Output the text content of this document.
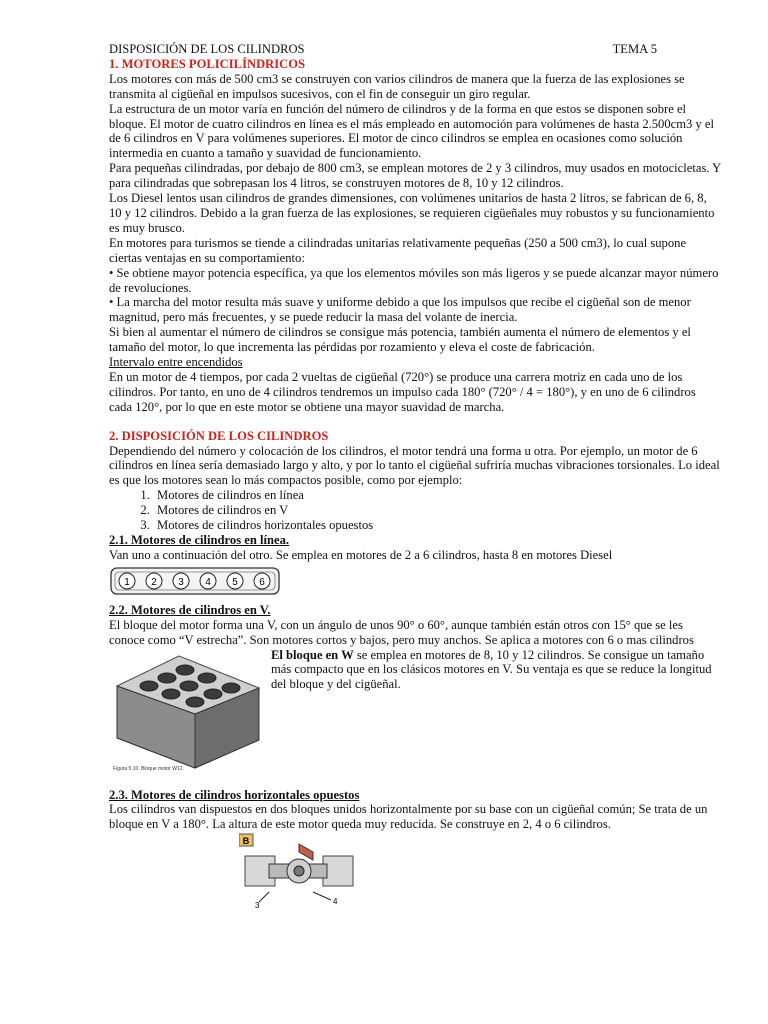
DISPOSICIÓN DE LOS CILINDROS	TEMA 5
1. MOTORES POLICILÍNDRICOS

Los motores con más de 500 cm3 se construyen con varios cilindros de manera que la fuerza de las explosiones se transmita al cigüeñal en impulsos sucesivos, con el fin de conseguir un giro regular.

La estructura de un motor varía en función del número de cilindros y de la forma en que estos se disponen sobre el bloque. El motor de cuatro cilindros en línea es el más empleado en automoción para volúmenes de hasta 2.500cm3 y el de 6 cilindros en V para volúmenes superiores. El motor de cinco cilindros se emplea en ocasiones como solución intermedia en cuanto a tamaño y suavidad de funcionamiento.

Para pequeñas cilindradas, por debajo de 800 cm3, se emplean motores de 2 y 3 cilindros, muy usados en motocicletas. Y para cilindradas que sobrepasan los 4 litros, se construyen motores de 8, 10 y 12 cilindros.

Los Diesel lentos usan cilindros de grandes dimensiones, con volúmenes unitarios de hasta 2 litros, se fabrican de 6, 8, 10 y 12 cilindros. Debido a la gran fuerza de las explosiones, se requieren cigüeñales muy robustos y su funcionamiento es muy brusco.

En motores para turismos se tiende a cilindradas unitarias relativamente pequeñas (250 a 500 cm3), lo cual supone ciertas ventajas en su comportamiento:

• Se obtiene mayor potencia específica, ya que los elementos móviles son más ligeros y se puede alcanzar mayor número de revoluciones.

• La marcha del motor resulta más suave y uniforme debido a que los impulsos que recibe el cigüeñal son de menor magnitud, pero más frecuentes, y se puede reducir la masa del volante de inercia.

Si bien al aumentar el número de cilindros se consigue más potencia, también aumenta el número de elementos y el tamaño del motor, lo que incrementa las pérdidas por rozamiento y eleva el coste de fabricación.

Intervalo entre encendidos

En un motor de 4 tiempos, por cada 2 vueltas de cigüeñal (720°) se produce una carrera motriz en cada uno de los cilindros. Por tanto, en uno de 4 cilindros tendremos un impulso cada 180° (720° / 4 = 180°), y en uno de 6 cilindros cada 120°, por lo que en este motor se obtiene una mayor suavidad de marcha.

2. DISPOSICIÓN DE LOS CILINDROS

Dependiendo del número y colocación de los cilindros, el motor tendrá una forma u otra. Por ejemplo, un motor de 6 cilindros en línea sería demasiado largo y alto, y por lo tanto el cigüeñal sufriría muchas vibraciones torsionales. Lo ideal es que los motores sean lo más compactos posible, como por ejemplo:

1. Motores de cilindros en línea
2. Motores de cilindros en V
3. Motores de cilindros horizontales opuestos
2.1. Motores de cilindros en línea.

Van uno a continuación del otro. Se emplea en motores de 2 a 6 cilindros, hasta 8 en motores Diesel

1 2 3 4 5 6
2.2. Motores de cilindros en V.

El bloque del motor forma una V, con un ángulo de unos 90° o 60°, aunque también están otros con 15° que se les conoce como “V estrecha”. Son motores cortos y bajos, pero muy anchos. Se aplica a motores con 6 o mas cilindros

Figura 5.10. Bloque motor W12.

El bloque en W se emplea en motores de 8, 10 y 12 cilindros. Se consigue un tamaño más compacto que en los clásicos motores en V. Su ventaja es que se reduce la longitud del bloque y del cigüeñal.

2.3. Motores de cilindros horizontales opuestos

Los cilindros van dispuestos en dos bloques unidos horizontalmente por su base con un cigüeñal común; Se trata de un bloque en V a 180°. La altura de este motor queda muy reducida. Se construye en 2, 4 o 6 cilindros.

B
3	4
